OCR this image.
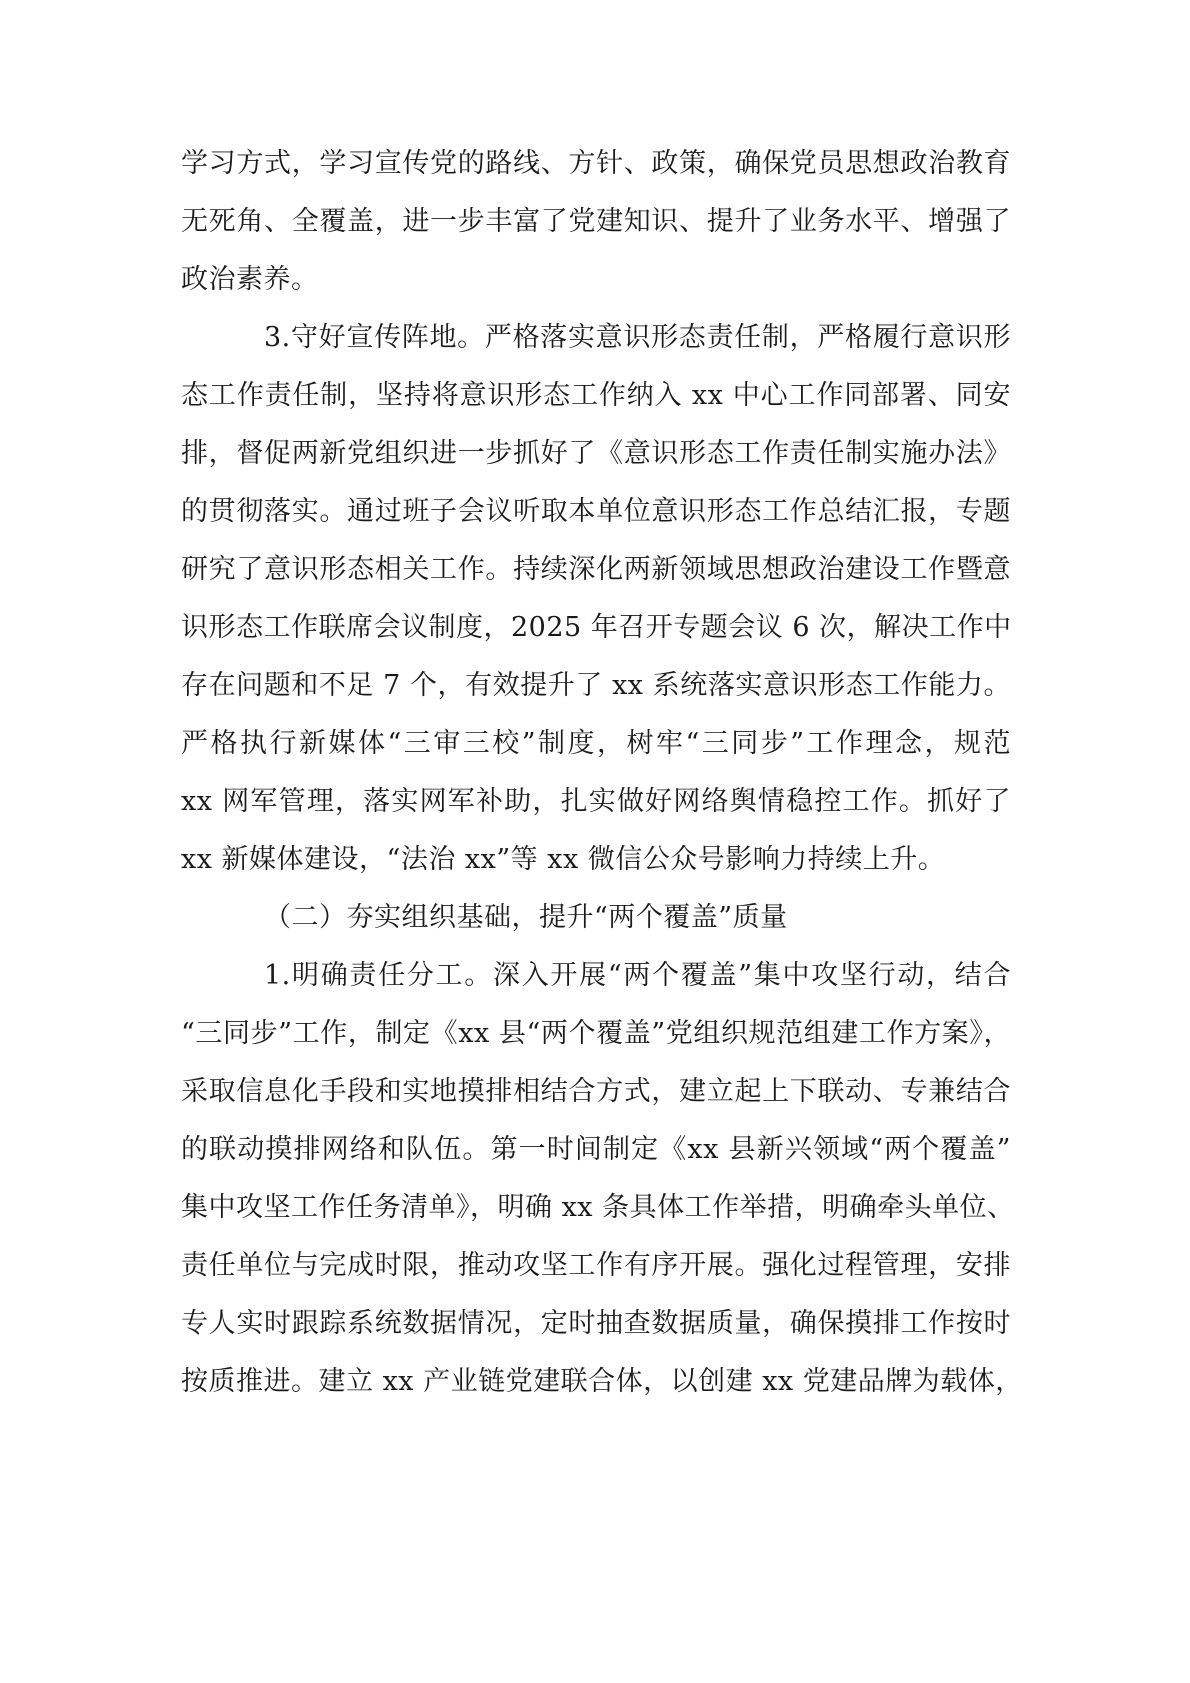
学习方式，学习宣传党的路线、方针、政策，确保党员思想政治教育
无死角、全覆盖，进一步丰富了党建知识、提升了业务水平、增强了
政治素养。
3.守好宣传阵地。严格落实意识形态责任制，严格履行意识形
态工作责任制，坚持将意识形态工作纳入 xx 中心工作同部署、同安
排，督促两新党组织进一步抓好了《意识形态工作责任制实施办法》
的贯彻落实。通过班子会议听取本单位意识形态工作总结汇报，专题
研究了意识形态相关工作。持续深化两新领域思想政治建设工作暨意
识形态工作联席会议制度，2025 年召开专题会议 6 次，解决工作中
存在问题和不足 7 个，有效提升了 xx 系统落实意识形态工作能力。
严格执行新媒体“三审三校”制度，树牢“三同步”工作理念，规范
xx 网军管理，落实网军补助，扎实做好网络舆情稳控工作。抓好了
xx 新媒体建设，“法治 xx”等 xx 微信公众号影响力持续上升。
（二）夯实组织基础，提升“两个覆盖”质量
1.明确责任分工。深入开展“两个覆盖”集中攻坚行动，结合
“三同步”工作，制定《xx 县“两个覆盖”党组织规范组建工作方案》，
采取信息化手段和实地摸排相结合方式，建立起上下联动、专兼结合
的联动摸排网络和队伍。第一时间制定《xx 县新兴领域“两个覆盖”
集中攻坚工作任务清单》，明确 xx 条具体工作举措，明确牵头单位、
责任单位与完成时限，推动攻坚工作有序开展。强化过程管理，安排
专人实时跟踪系统数据情况，定时抽查数据质量，确保摸排工作按时
按质推进。建立 xx 产业链党建联合体，以创建 xx 党建品牌为载体，
